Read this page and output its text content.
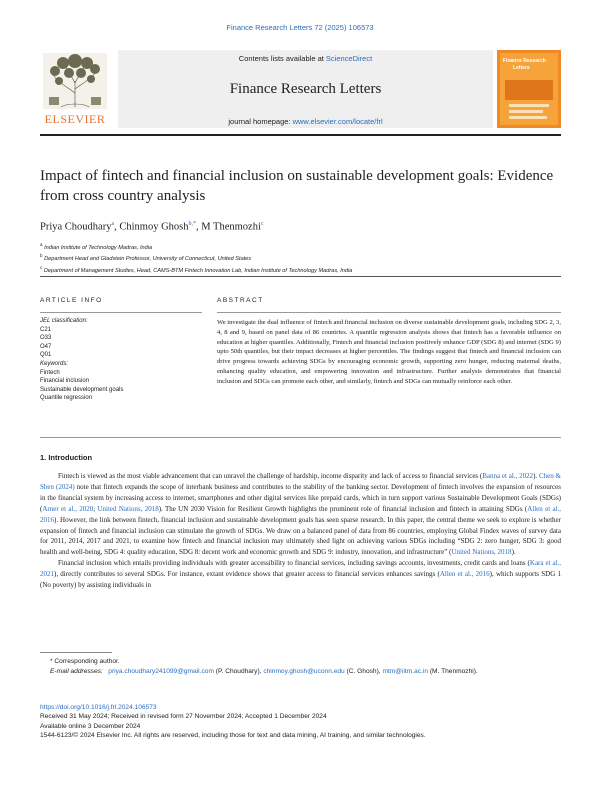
Finance Research Letters 72 (2025) 106573
ELSEVIER
Contents lists available at ScienceDirect
Finance Research Letters
journal homepage: www.elsevier.com/locate/frl
Finance Research
Letters
Impact of fintech and financial inclusion on sustainable development goals: Evidence from cross country analysis
Priya Choudhary$^a$, Chinmoy Ghosh$^{b,*}$, M Thenmozhi$^c$
$^a$ Indian Institute of Technology Madras, India
$^b$ Department Head and Gladstein Professor, University of Connecticut, United States
$^c$ Department of Management Studies, Head, CAMS-BTM Fintech Innovation Lab, Indian Institute of Technology Madras, India
ARTICLE INFO
JEL classification:
C21
O33
O47
Q01
Keywords:
Fintech
Financial inclusion
Sustainable development goals
Quantile regression
ABSTRACT
We investigate the dual influence of fintech and financial inclusion on diverse sustainable development goals, including SDG 2, 3, 4, 8 and 9, based on panel data of 86 countries. A quantile regression analysis shows that fintech has a favorable influence on education at higher quantiles. Additionally, Fintech and financial inclusion positively enhance GDP (SDG 8) and internet (SDG 9) upto 50th quantiles, but their impact decreases at higher percentiles. The findings suggest that fintech and financial inclusion can drive progress towards achieving SDGs by encouraging economic growth, supporting zero hunger, reducing maternal deaths, enhancing quality education, and empowering innovation and infrastructure. Further analysis demonstrates that financial inclusion and SDGs can promote each other, and similarly, fintech and SDGs can mutually reinforce each other.
1. Introduction

Fintech is viewed as the most viable advancement that can unravel the challenge of hardship, income disparity and lack of access to financial services (Banna et al., 2022). Chen & Shen (2024) note that fintech expands the scope of interbank business and contributes to the stability of the banking sector. Development of fintech involves the expansion of resources in the financial system by increasing access to internet, smartphones and other digital services like prepaid cards, which in turn support various Sustainable Development Goals (SDGs) (Arner et al., 2020; United Nations, 2018). The UN 2030 Vision for Resilient Growth highlights the prominent role of financial inclusion and fintech in attaining SDGs (Allen et al., 2016). However, the link between fintech, financial inclusion and sustainable development goals has seen sparse research. In this paper, the central theme we seek to explore is whether expansion of fintech and financial inclusion can stimulate the growth of SDGs. We draw on a balanced panel of data from 86 countries, employing Global Findex waves of survey data for 2011, 2014, 2017 and 2021, to examine how fintech and financial inclusion may ultimately shed light on achieving various SDGs including “SDG 2: zero hunger, SDG 3: good health and well-being, SDG 4: quality education, SDG 8: decent work and economic growth and SDG 9: industry, innovation, and infrastructure” (United Nations, 2018).

Financial inclusion which entails providing individuals with greater accessibility to financial services, including savings accounts, investments, credit cards and loans (Kara et al., 2021), directly contributes to several SDGs. For instance, extant evidence shows that greater access to financial services enhances savings (Allen et al., 2016), which supports SDG 1 (No poverty) by assisting individuals in

* Corresponding author.
E-mail addresses: priya.choudhary241099@gmail.com (P. Choudhary), chinmoy.ghosh@uconn.edu (C. Ghosh), mtm@iitm.ac.in (M. Thenmozhi).
https://doi.org/10.1016/j.frl.2024.106573
Received 31 May 2024; Received in revised form 27 November 2024; Accepted 1 December 2024
Available online 3 December 2024
1544-6123/© 2024 Elsevier Inc. All rights are reserved, including those for text and data mining, AI training, and similar technologies.
